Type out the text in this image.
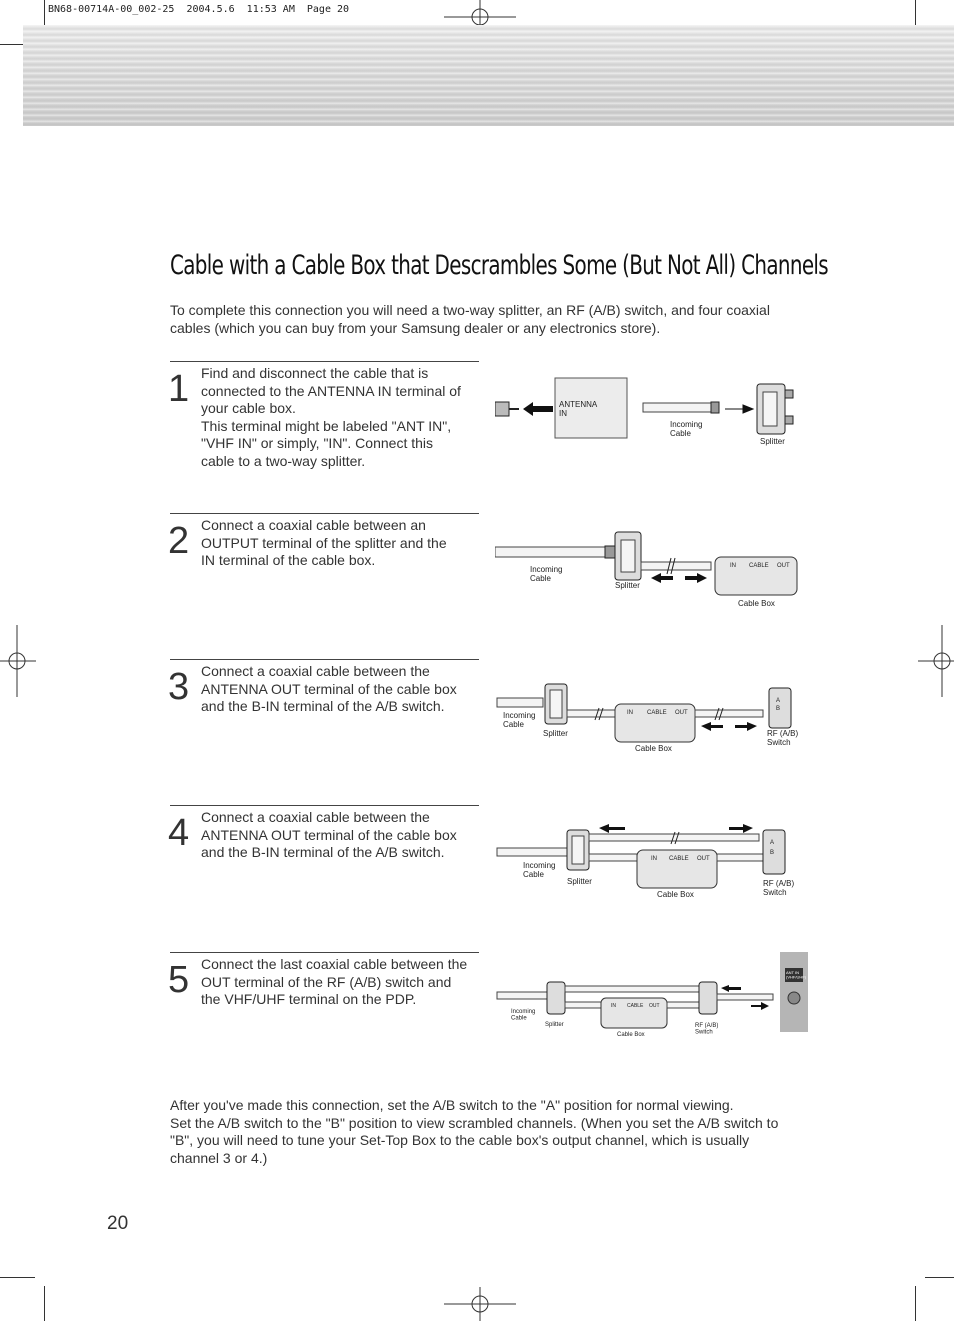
BN68-00714A-00_002-25  2004.5.6  11:53 AM  Page 20
Cable with a Cable Box that Descrambles Some (But Not All) Channels
To complete this connection you will need a two-way splitter, an RF (A/B) switch, and four coaxial cables (which you can buy from your Samsung dealer or any electronics store).
1 Find and disconnect the cable that is
connected to the ANTENNA IN terminal of
your cable box.
This terminal might be labeled "ANT IN",
"VHF IN" or simply, "IN". Connect this
cable to a two-way splitter.
2 Connect a coaxial cable between an
OUTPUT terminal of the splitter and the
IN terminal of the cable box.
3 Connect a coaxial cable between the
ANTENNA OUT terminal of the cable box
and the B-IN terminal of the A/B switch.
4 Connect a coaxial cable between the
ANTENNA OUT terminal of the cable box
and the B-IN terminal of the A/B switch.
5 Connect the last coaxial cable between the
OUT terminal of the RF (A/B) switch and
the VHF/UHF terminal on the PDP.
ANTENNA IN
Incoming Cable
Splitter
IN CABLE OUT
Incoming Cable
Splitter
Cable Box
IN CABLE OUT
A
B
Incoming Cable
Splitter
Cable Box
RF (A/B) Switch
IN CABLE OUT
A
B
Incoming Cable
Splitter
Cable Box
RF (A/B) Switch
IN CABLE OUT
ANT IN (VHF/UHF)
Incoming Cable
Splitter
Cable Box
RF (A/B) Switch
After you've made this connection, set the A/B switch to the "A" position for normal viewing.
Set the A/B switch to the "B" position to view scrambled channels. (When you set the A/B switch to "B", you will need to tune your Set-Top Box to the cable box's output channel, which is usually channel 3 or 4.)
20
